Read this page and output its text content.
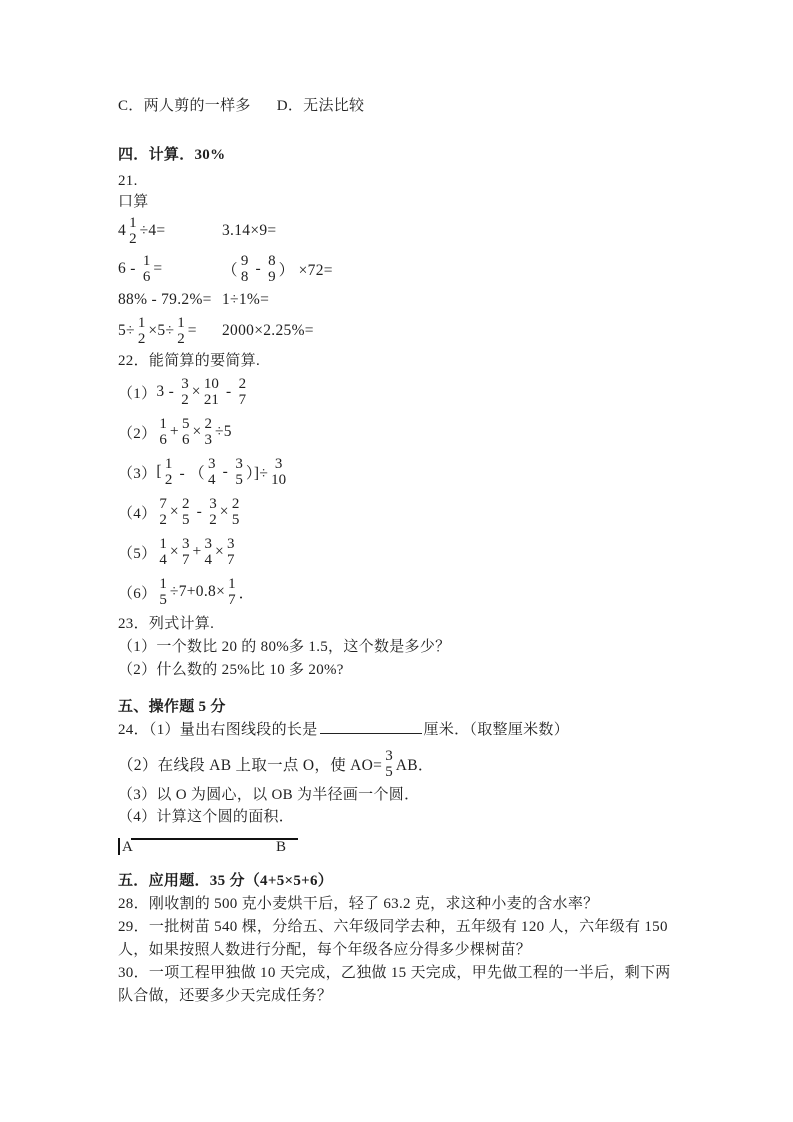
C．两人剪的一样多 D．无法比较
四．计算．30%
21.
口算
4 1
2 ÷4=	3.14×9=
6 - 1
6 =	（
9
8 - 8
9 ） ×72=
88% - 79.2%= 1÷1%=
5÷ 1
2 ×5÷ 1
2 = 2000×2.25%=
22．能简算的要简算.
（1） 3 - 3
2 × 10
21 - 2
7
（2）
1
6 + 5
6 × 2
3 ÷5
（3） [ 1
2 - （
3
4 - 3
5 ）]÷
3
10
（4）
7
2 × 2
5 - 3
2 × 2
5
（5）
1
4 × 3
7 + 3
4 × 3
7
（6）
1
5 ÷7+0.8× 1
7 ．
23．列式计算.
（1）一个数比 20 的 80%多 1.5，这个数是多少？
（2）什么数的 25%比 10 多 20%?
五、操作题 5 分
24．（1）量出右图线段的长是	厘米．（取整厘米数）
（2）在线段 AB 上取一点 O，使 AO=
3
5 AB．
（3）以 O 为圆心，以 OB 为半径画一个圆．
（4）计算这个圆的面积．
A	B
五．应用题．35 分（4+5×5+6）
28．刚收割的 500 克小麦烘干后，轻了 63.2 克，求这种小麦的含水率？
29．一批树苗 540 棵，分给五、六年级同学去种，五年级有 120 人，六年级有 150 人，如果按照人数进行分配，每个年级各应分得多少棵树苗？
30．一项工程甲独做 10 天完成，乙独做 15 天完成，甲先做工程的一半后，剩下两队合做，还要多少天完成任务？
